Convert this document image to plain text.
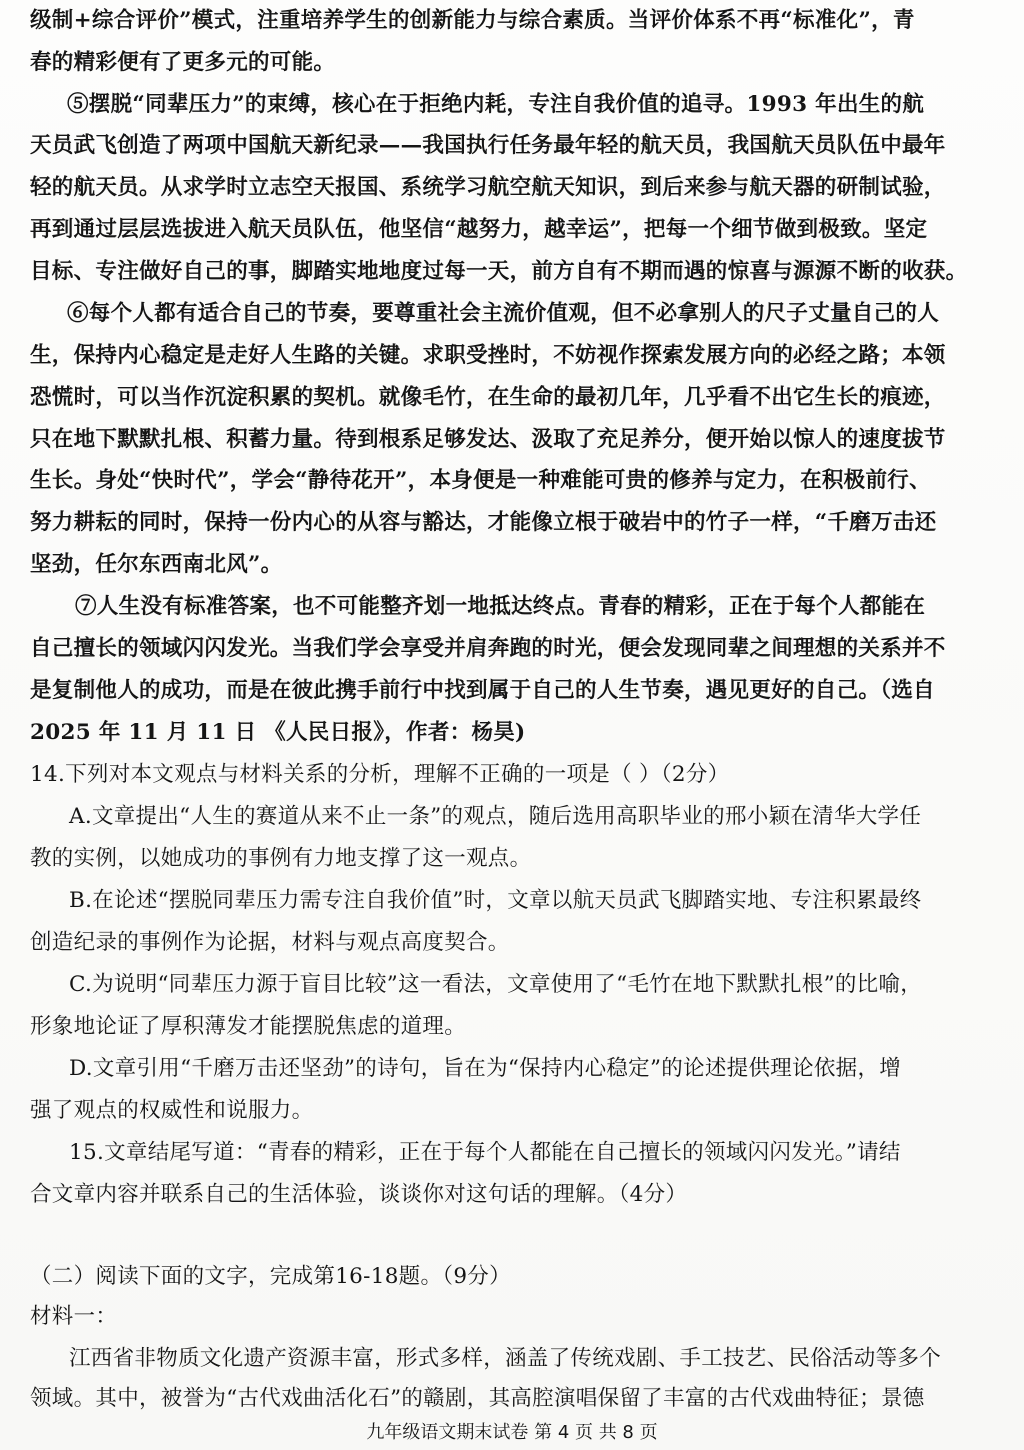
级制+综合评价”模式，注重培养学生的创新能力与综合素质。当评价体系不再“标准化”，青
春的精彩便有了更多元的可能。
⑤摆脱“同辈压力”的束缚，核心在于拒绝内耗，专注自我价值的追寻。1993 年出生的航
天员武飞创造了两项中国航天新纪录——我国执行任务最年轻的航天员，我国航天员队伍中最年
轻的航天员。从求学时立志空天报国、系统学习航空航天知识，到后来参与航天器的研制试验，
再到通过层层选拔进入航天员队伍，他坚信“越努力，越幸运”，把每一个细节做到极致。坚定
目标、专注做好自己的事，脚踏实地地度过每一天，前方自有不期而遇的惊喜与源源不断的收获。
⑥每个人都有适合自己的节奏，要尊重社会主流价值观，但不必拿别人的尺子丈量自己的人
生，保持内心稳定是走好人生路的关键。求职受挫时，不妨视作探索发展方向的必经之路；本领
恐慌时，可以当作沉淀积累的契机。就像毛竹，在生命的最初几年，几乎看不出它生长的痕迹，
只在地下默默扎根、积蓄力量。待到根系足够发达、汲取了充足养分，便开始以惊人的速度拔节
生长。身处“快时代”，学会“静待花开”，本身便是一种难能可贵的修养与定力，在积极前行、
努力耕耘的同时，保持一份内心的从容与豁达，才能像立根于破岩中的竹子一样，“千磨万击还
坚劲，任尔东西南北风”。
⑦人生没有标准答案，也不可能整齐划一地抵达终点。青春的精彩，正在于每个人都能在
自己擅长的领域闪闪发光。当我们学会享受并肩奔跑的时光，便会发现同辈之间理想的关系并不
是复制他人的成功，而是在彼此携手前行中找到属于自己的人生节奏，遇见更好的自己。（选自
2025 年 11 月 11 日 《人民日报》，作者：杨昊)
14.下列对本文观点与材料关系的分析，理解不正确的一项是（ ）（2分）
A.文章提出“人生的赛道从来不止一条”的观点，随后选用高职毕业的邢小颖在清华大学任
教的实例，以她成功的事例有力地支撑了这一观点。
B.在论述“摆脱同辈压力需专注自我价值”时，文章以航天员武飞脚踏实地、专注积累最终
创造纪录的事例作为论据，材料与观点高度契合。
C.为说明“同辈压力源于盲目比较”这一看法，文章使用了“毛竹在地下默默扎根”的比喻，
形象地论证了厚积薄发才能摆脱焦虑的道理。
D.文章引用“千磨万击还坚劲”的诗句，旨在为“保持内心稳定”的论述提供理论依据，增
强了观点的权威性和说服力。
15.文章结尾写道：“青春的精彩，正在于每个人都能在自己擅长的领域闪闪发光。”请结
合文章内容并联系自己的生活体验，谈谈你对这句话的理解。（4分）
（二）阅读下面的文字，完成第16-18题。（9分）
材料一：
江西省非物质文化遗产资源丰富，形式多样，涵盖了传统戏剧、手工技艺、民俗活动等多个
领域。其中，被誉为“古代戏曲活化石”的赣剧，其高腔演唱保留了丰富的古代戏曲特征；景德
九年级语文期末试卷 第 4 页 共 8 页
